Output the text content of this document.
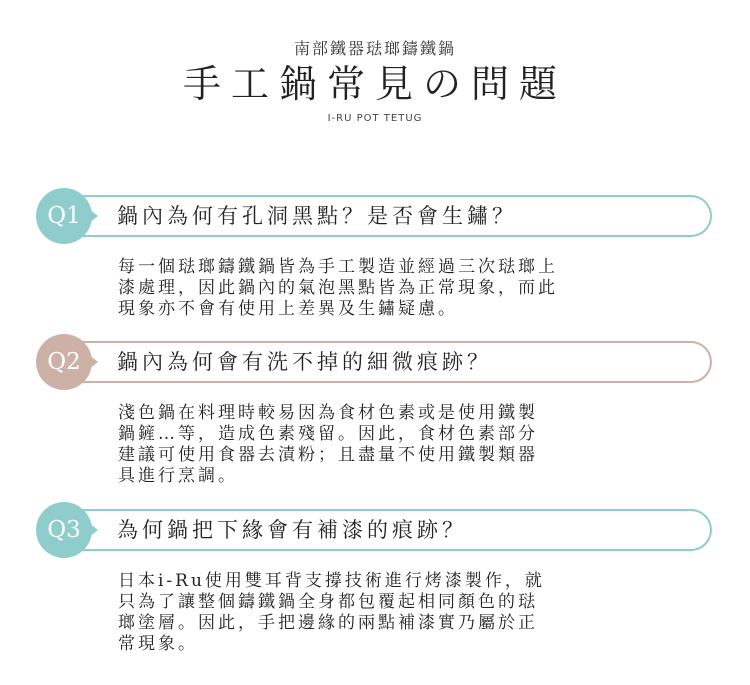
南部鐵器琺瑯鑄鐵鍋
手工鍋常見の問題
I-RU POT TETUG
Q1	鍋內為何有孔洞黑點？是否會生鏽？

每一個琺瑯鑄鐵鍋皆為手工製造並經過三次琺瑯上

漆處理，因此鍋內的氣泡黑點皆為正常現象，而此

現象亦不會有使用上差異及生鏽疑慮。

Q2	鍋內為何會有洗不掉的細微痕跡？

淺色鍋在料理時較易因為食材色素或是使用鐵製

鍋鏟…等，造成色素殘留。因此，食材色素部分

建議可使用食器去漬粉；且盡量不使用鐵製類器

具進行烹調。

Q3	為何鍋把下緣會有補漆的痕跡？

日本i-Ru使用雙耳背支撐技術進行烤漆製作，就

只為了讓整個鑄鐵鍋全身都包覆起相同顏色的琺

瑯塗層。因此，手把邊緣的兩點補漆實乃屬於正

常現象。
